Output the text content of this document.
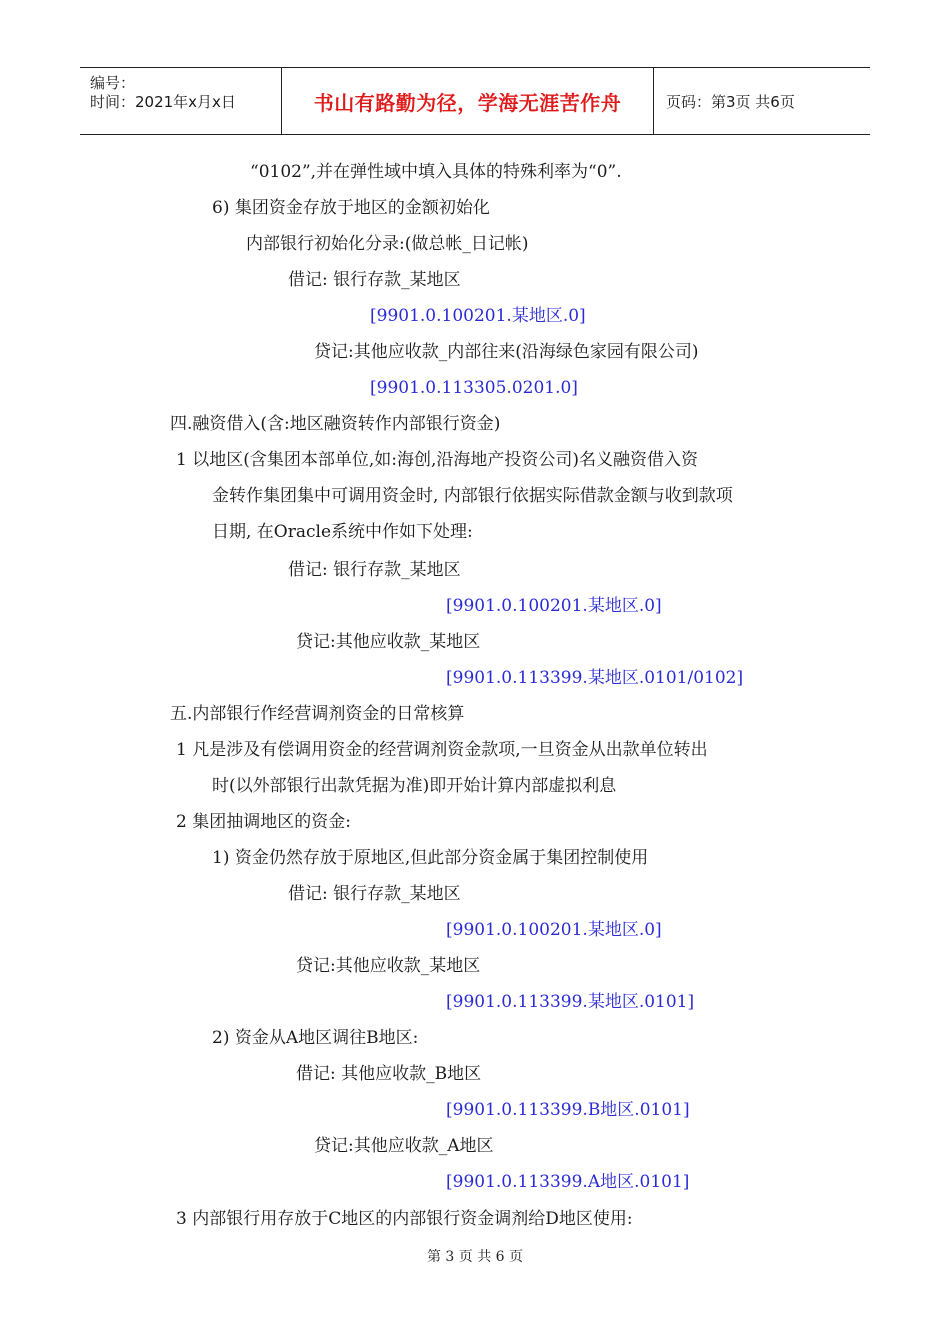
编号：
时间：2021年x月x日	书山有路勤为径，学海无涯苦作舟	页码：第3页 共6页
“0102”,并在弹性域中填入具体的特殊利率为“0”.
6) 集团资金存放于地区的金额初始化
内部银行初始化分录:(做总帐_日记帐)
借记: 银行存款_某地区
[9901.0.100201.某地区.0]
贷记:其他应收款_内部往来(沿海绿色家园有限公司)
[9901.0.113305.0201.0]
四.融资借入(含:地区融资转作内部银行资金)
1 以地区(含集团本部单位,如:海创,沿海地产投资公司)名义融资借入资
金转作集团集中可调用资金时, 内部银行依据实际借款金额与收到款项
日期, 在Oracle系统中作如下处理:
借记: 银行存款_某地区
[9901.0.100201.某地区.0]
贷记:其他应收款_某地区
[9901.0.113399.某地区.0101/0102]
五.内部银行作经营调剂资金的日常核算
1 凡是涉及有偿调用资金的经营调剂资金款项,一旦资金从出款单位转出
时(以外部银行出款凭据为准)即开始计算内部虚拟利息
2 集团抽调地区的资金:
1) 资金仍然存放于原地区,但此部分资金属于集团控制使用
借记: 银行存款_某地区
[9901.0.100201.某地区.0]
贷记:其他应收款_某地区
[9901.0.113399.某地区.0101]
2) 资金从A地区调往B地区:
借记: 其他应收款_B地区
[9901.0.113399.B地区.0101]
贷记:其他应收款_A地区
[9901.0.113399.A地区.0101]
3 内部银行用存放于C地区的内部银行资金调剂给D地区使用:
第 3 页 共 6 页
